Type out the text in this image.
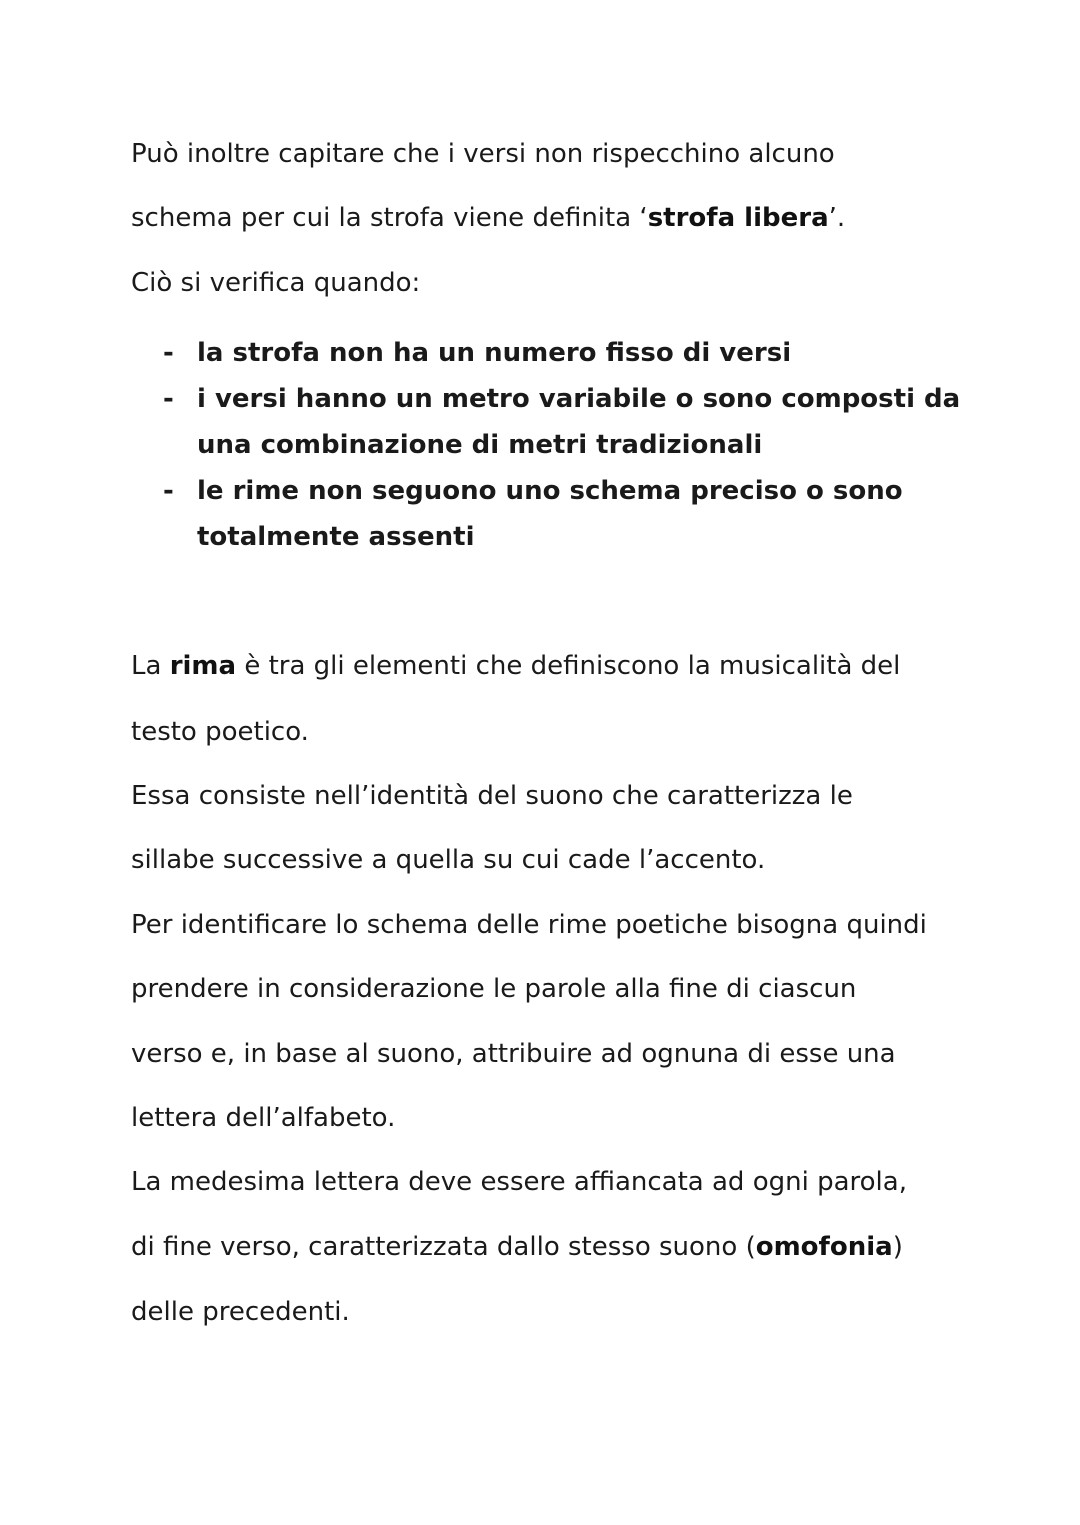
Può inoltre capitare che i versi non rispecchino alcuno

schema per cui la strofa viene definita ‘strofa libera’.

Ciò si verifica quando:

- la strofa non ha un numero fisso di versi
- i versi hanno un metro variabile o sono composti da
una combinazione di metri tradizionali
- le rime non seguono uno schema preciso o sono
totalmente assenti

La rima è tra gli elementi che definiscono la musicalità del

testo poetico.

Essa consiste nell’identità del suono che caratterizza le

sillabe successive a quella su cui cade l’accento.

Per identificare lo schema delle rime poetiche bisogna quindi

prendere in considerazione le parole alla fine di ciascun

verso e, in base al suono, attribuire ad ognuna di esse una

lettera dell’alfabeto.

La medesima lettera deve essere affiancata ad ogni parola,

di fine verso, caratterizzata dallo stesso suono (omofonia)

delle precedenti.
